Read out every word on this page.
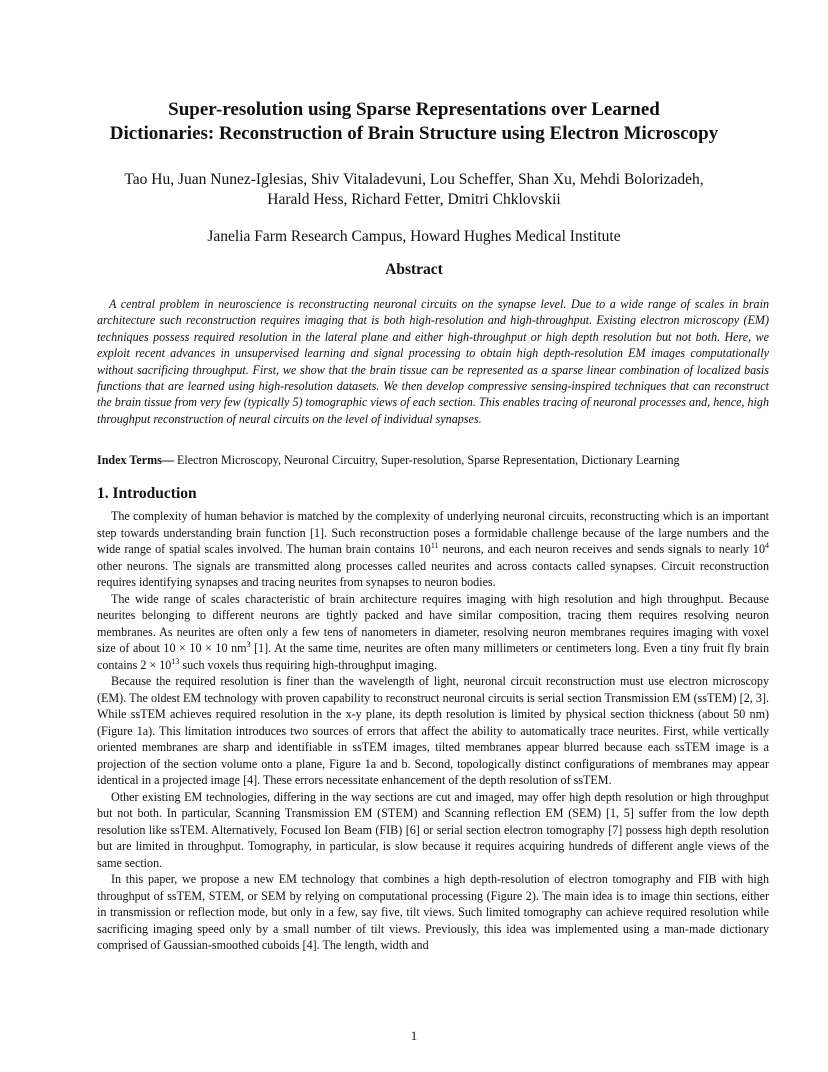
Super-resolution using Sparse Representations over Learned
Dictionaries: Reconstruction of Brain Structure using Electron Microscopy

Tao Hu, Juan Nunez-Iglesias, Shiv Vitaladevuni, Lou Scheffer, Shan Xu, Mehdi Bolorizadeh,
Harald Hess, Richard Fetter, Dmitri Chklovskii

Janelia Farm Research Campus, Howard Hughes Medical Institute

Abstract

A central problem in neuroscience is reconstructing neuronal circuits on the synapse level. Due to a wide range of scales in brain architecture such reconstruction requires imaging that is both high-resolution and high-throughput. Existing electron microscopy (EM) techniques possess required resolution in the lateral plane and either high-throughput or high depth resolution but not both. Here, we exploit recent advances in unsupervised learning and signal processing to obtain high depth-resolution EM images computationally without sacrificing throughput. First, we show that the brain tissue can be represented as a sparse linear combination of localized basis functions that are learned using high-resolution datasets. We then develop compressive sensing-inspired techniques that can reconstruct the brain tissue from very few (typically 5) tomographic views of each section. This enables tracing of neuronal processes and, hence, high throughput reconstruction of neural circuits on the level of individual synapses.

Index Terms— Electron Microscopy, Neuronal Circuitry, Super-resolution, Sparse Representation, Dictionary Learning

1. Introduction

The complexity of human behavior is matched by the complexity of underlying neuronal circuits, reconstructing which is an important step towards understanding brain function [1]. Such reconstruction poses a formidable challenge because of the large numbers and the wide range of spatial scales involved. The human brain contains $10^{11}$ neurons, and each neuron receives and sends signals to nearly $10^4$ other neurons. The signals are transmitted along processes called neurites and across contacts called synapses. Circuit reconstruction requires identifying synapses and tracing neurites from synapses to neuron bodies.

The wide range of scales characteristic of brain architecture requires imaging with high resolution and high throughput. Because neurites belonging to different neurons are tightly packed and have similar composition, tracing them requires resolving neuron membranes. As neurites are often only a few tens of nanometers in diameter, resolving neuron membranes requires imaging with voxel size of about 10 × 10 × 10 $nm^3$ [1]. At the same time, neurites are often many millimeters or centimeters long. Even a tiny fruit fly brain contains $2 \times 10^{13}$ such voxels thus requiring high-throughput imaging.

Because the required resolution is finer than the wavelength of light, neuronal circuit reconstruction must use electron microscopy (EM). The oldest EM technology with proven capability to reconstruct neuronal circuits is serial section Transmission EM (ssTEM) [2, 3]. While ssTEM achieves required resolution in the x-y plane, its depth resolution is limited by physical section thickness (about 50 nm) (Figure 1a). This limitation introduces two sources of errors that affect the ability to automatically trace neurites. First, while vertically oriented membranes are sharp and identifiable in ssTEM images, tilted membranes appear blurred because each ssTEM image is a projection of the section volume onto a plane, Figure 1a and b. Second, topologically distinct configurations of membranes may appear identical in a projected image [4]. These errors necessitate enhancement of the depth resolution of ssTEM.

Other existing EM technologies, differing in the way sections are cut and imaged, may offer high depth resolution or high throughput but not both. In particular, Scanning Transmission EM (STEM) and Scanning reflection EM (SEM) [1, 5] suffer from the low depth resolution like ssTEM. Alternatively, Focused Ion Beam (FIB) [6] or serial section electron tomography [7] possess high depth resolution but are limited in throughput. Tomography, in particular, is slow because it requires acquiring hundreds of different angle views of the same section.

In this paper, we propose a new EM technology that combines a high depth-resolution of electron tomography and FIB with high throughput of ssTEM, STEM, or SEM by relying on computational processing (Figure 2). The main idea is to image thin sections, either in transmission or reflection mode, but only in a few, say five, tilt views. Such limited tomography can achieve required resolution while sacrificing imaging speed only by a small number of tilt views. Previously, this idea was implemented using a man-made dictionary comprised of Gaussian-smoothed cuboids [4]. The length, width and

1
